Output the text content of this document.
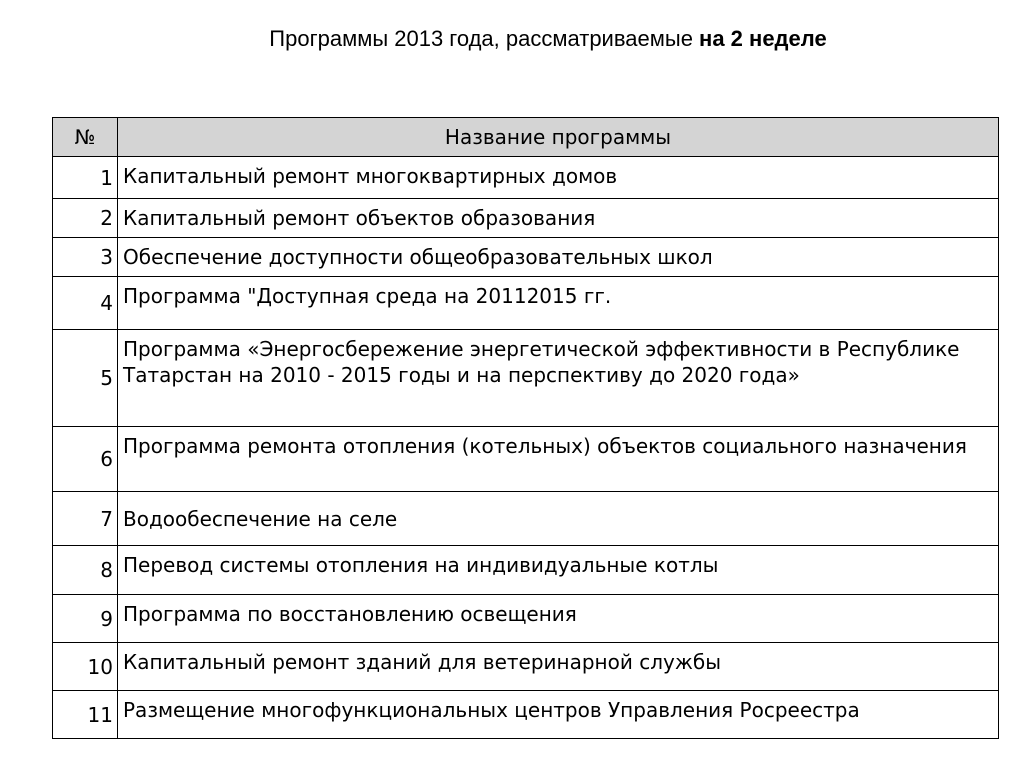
Программы 2013 года, рассматриваемые на 2 неделе
№	Название программы
1	Капитальный ремонт многоквартирных домов
2	Капитальный ремонт объектов образования
3	Обеспечение доступности общеобразовательных школ
4	Программа "Доступная среда на 20112015 гг.
5	Программа «Энергосбережение энергетической эффективности в Республике Татарстан на 2010 - 2015 годы и на перспективу до 2020 года»
6	Программа ремонта отопления (котельных) объектов социального назначения
7	Водообеспечение на селе
8	Перевод системы отопления на индивидуальные котлы
9	Программа по восстановлению освещения
10	Капитальный ремонт зданий для ветеринарной службы
11	Размещение многофункциональных центров Управления Росреестра
